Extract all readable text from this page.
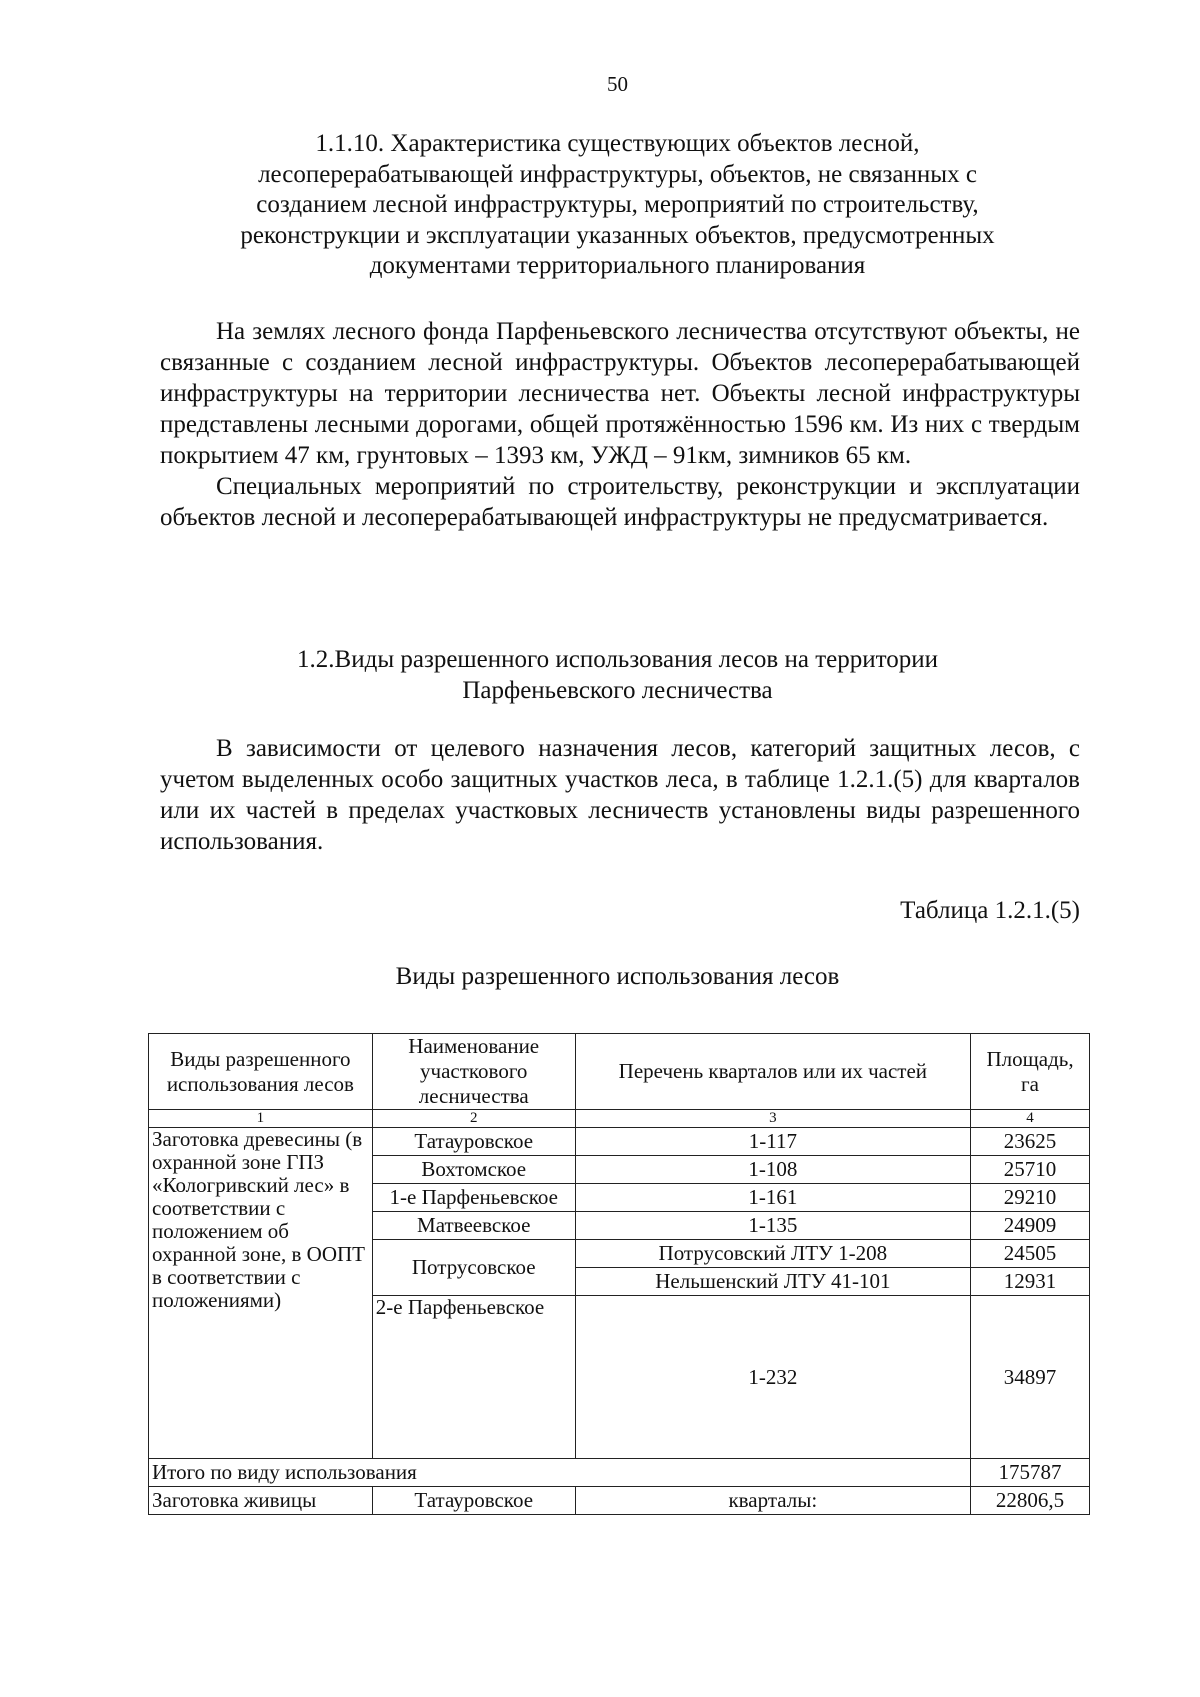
50
1.1.10. Характеристика существующих объектов лесной,
лесоперерабатывающей инфраструктуры, объектов, не связанных с
созданием лесной инфраструктуры, мероприятий по строительству,
реконструкции и эксплуатации указанных объектов, предусмотренных
документами территориального планирования

На землях лесного фонда Парфеньевского лесничества отсутствуют объекты, не связанные с созданием лесной инфраструктуры. Объектов лесоперерабатывающей инфраструктуры на территории лесничества нет. Объекты лесной инфраструктуры представлены лесными дорогами, общей протяжённостью 1596 км. Из них с твердым покрытием 47 км, грунтовых – 1393 км, УЖД – 91км, зимников 65 км.

Специальных мероприятий по строительству, реконструкции и эксплуатации объектов лесной и лесоперерабатывающей инфраструктуры не предусматривается.

1.2.Виды разрешенного использования лесов на территории
Парфеньевского лесничества

В зависимости от целевого назначения лесов, категорий защитных лесов, с учетом выделенных особо защитных участков леса, в таблице 1.2.1.(5) для кварталов или их частей в пределах участковых лесничеств установлены виды разрешенного использования.

Таблица 1.2.1.(5)
Виды разрешенного использования лесов
Виды разрешенного использования лесов	Наименование участкового лесничества	Перечень кварталов или их частей	Площадь, га
1	2	3	4
Заготовка древесины (в охранной зоне ГПЗ «Кологривский лес» в соответствии с положением об охранной зоне, в ООПТ в соответствии с положениями)	Татауровское	1-117	23625
	Вохтомское	1-108	25710
	1-е Парфеньевское	1-161	29210
	Матвеевское	1-135	24909
	Потрусовское	Потрусовский ЛТУ 1-208	24505
		Нельшенский ЛТУ 41-101	12931
	2-е Парфеньевское	1-232	34897
Итого по виду использования			175787
Заготовка живицы	Татауровское	кварталы:	22806,5
